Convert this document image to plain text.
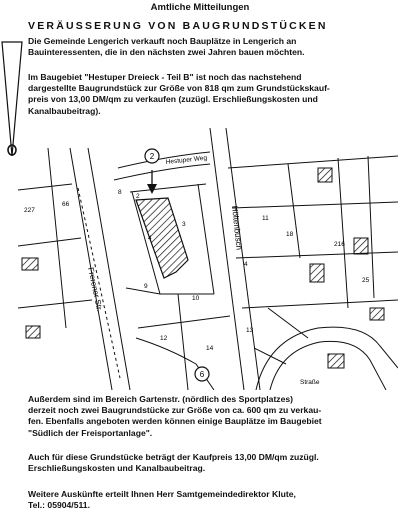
Amtliche Mitteilungen
VERÄUSSERUNG VON BAUGRUNDSTÜCKEN
Die Gemeinde Lengerich verkauft noch Bauplätze in Lengerich an
Bauinteressenten, die in den nächsten zwei Jahren bauen möchten.
Im Baugebiet "Hestuper Dreieck - Teil B" ist noch das nachstehend
dargestellte Baugrundstück zur Größe von 818 qm zum Grundstückskauf-
preis von 13,00 DM/qm zu verkaufen (zuzügl. Erschließungskosten und
Kanalbaubeitrag).
2
6
Frerener Str.
Höltenbusch
Hestuper Weg
Straße
66
227
8
2
3
4
9
10
12
13
14
11
216
25
4
18
Außerdem sind im Bereich Gartenstr. (nördlich des Sportplatzes)
derzeit noch zwei Baugrundstücke zur Größe von ca. 600 qm zu verkau-
fen. Ebenfalls angeboten werden können einige Bauplätze im Baugebiet
"Südlich der Freisportanlage".
Auch für diese Grundstücke beträgt der Kaufpreis 13,00 DM/qm zuzügl.
Erschließungskosten und Kanalbaubeitrag.
Weitere Auskünfte erteilt Ihnen Herr Samtgemeindedirektor Klute,
Tel.: 05904/511.
